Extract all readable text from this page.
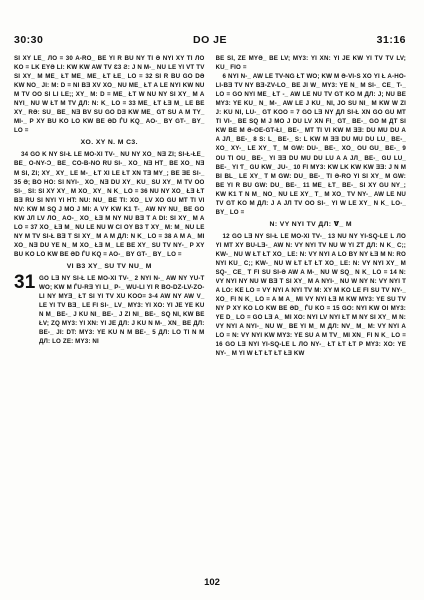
30:30	DO JE	31:16

SI XY LE_ ЛO = 30 A-RO_ BE YI R BU NY TI Ə NYI XY TI ЛO KO = LK EYƏ LI: KW KW AW TV Ɛ3 Ƨ: J N M-_ NU LE YI VT TV SI XY_ M ME_ ŁT ME_ ME_ ŁT ŁE_ LO = 32 SI R BU GO DƏ KW NO_ JI: M: D = NI BƎ XV XO_ NU ME_ ŁT A LE NYI KW NU M TV OO SI LI LE;; XY_ M: D = ME_ ŁT W NU NY SI XY_ M A NYI_ NU W ŁT M TV ДЛ: N: K_ LO = 33 ME_ ŁT ŁƎ M_ LE BE XY_ RƏ: SU_ BE_ NƎ BV SU GO DƎ KW ME_ GT SU A M TY_ MI-_ P XY BU KO LO KW BE ƏD ЃU KQ_ AO-_ BY GT-_ BY_ LO =

XO. XY N. M C3.

34 GO K NY SI-Ł LE MO-XI TV-_ NU NY XO_ NƎ ZI; SI-Ł-ŁE_ BE_ O-NY-Ɔ_ BE_ CO-B-NO RU SI-_ XO_ NƎ HT_ BE XO_ NƎ M SI, ZI; XY_ XY_ LE M-_ ŁT XI LE ŁT XN TƎ MY_; BE ƎE SI-_ 35 Ə; BO HO: SI NYI-_ XO_ NƎ DU XY_ KU_ SU XY_ M TV OO SI-_ SI: SI XY XY_ M XO_ XY_ N K_ LO = 36 NU NY XO_ ŁƎ ŁT BƎ RU SI NYI YI HT: NU: NU_ BE TI: XO_ LV XO GU MT TI VI NV: KW M SQ J MO J MI: A VY KW K1 T-_ AW NY NU_ BE GO KW ЈЛ LV ЛO_ AO-_ XO_ ŁƎ M NY NU BƎ T A DI: SI XY_ M A LO = 37 XO_ ŁƎ M_ NU LE NU W CI OY B3 T XY_ M: M_ NU LE NY M TV SI-Ł BƎ T SI XY_ M A M ДЛ: N K_ LO = 38 A M A_ MI XO_ NƎ DU YE N_ M XO_ ŁƎ M_ LE BE XY_ SU TV NY-_ P XY BU KO LO KW BE ƏD ЃU KQ = AO-_ BY GT-_ BY_ LO =

VI B3 XY_ SU TV NU_ M
31 GO LƎ NY SI-Ł LE MO-XI TV-_ 2 NYI N-_ AW NY YU-T WO; KW M ЃU-RƎ YI LI_ P-_ WU-LI YI R BO-DZ-LV-ZO-LI NY MYƎ_ ŁT SI YI TV XU KOO= 3-4 AW NY AW V_ LE YI TV BƎ_ LE FI SI-_ LV_ MY3: YI XO: YI JE YE KU N M_ BE-_ J KU NI_ BE-_ J ZI NI_ BE-_ SQ NI, KW BE ŁV; ZQ MY3: YI XN: YI JE ДЛ: J KU N M-_ XN_ BE ДЛ: BE-_ JI: DT: MY3: YE KU N M BE-_ 5 ДЛ: LO TI N M ДЛ: LO ZE: MY3: NI

BE SI, ZE MYƏ_ BE LV; MY3: YI XN: YI JE KW YI TV TV LV; KU_ FIO =

6 NYI N-_ AW LE TV-NG ŁT WO; KW M Ə-VI-S XO YI Ł A-HO-LI-BƎ TV NY BƎ-ZV-LO_ BE ЈI W_ MY3: YE N_ M SI-_ CE_ T-_ LO = GO NYI ME_ ŁT -_ AW LE NU TV GT KO M ДЛ: J; NU BE MY3: YE KU_ N_ M-_ AW LE Ј KU_ NI, JO SU NI_ M KW W ZI Ј: KU NI, LU-_ GT KOO = 7 GO LƎ NY ДЛ SI-Ł XN GO GU MT TI VI-_ BE SQ M J MO J DU LV XN FI_ GT_ BE-_ GO M ДT SI KW BE M Ə-OE-GT-ŁI_ BE-_ MT TI VI KW M ƎƎ: DU MU DU A A ЈЛ_ BE-_ 8 S: L_ BE-_ S: L KW M ƎƎ DU MU DU LU_ BE-_ XO_ XY-_ LE XY_ T_ M GW: DU-_ BE-_ XO_ OU GU_ BE-_ 9 OU TI OU_ BE-_ YI ƎƎ DU MU DU LU A A ЈЛ_ BE-_ GU LU_ BE-_ YI Ƭ_ GU KW_ JU-_ 10 FI MY3: KW LK KW KW ƎƎ: J N M BI BL_ LE XY_ T M GW: DU_ BE-_ TI Ə-RO YI SI XY_ M GW: BE YI R BU GW: DU_ BE-_ 11 ME_ ŁT_ BE-_ SI XY GU NY_; KW K1 T N M_ NO_ NU LE XY_ T_ M XO_ TV NY-_ AW LE NU TV GT KO M ДЛ: Ј A ЈЛ TV OO SI-_ YI W LE XY_ N K_ LO-_ BY_ LO =

N: VY NYI TV ДЛ: Ɐ_ M

12 GO LƎ NY SI-Ł LE MO-XI TV-_ 13 NU NY YI-SQ-LE L ЛO YI MT XY BU-LƎ-_ AW N: VY NYI TV NU W YI ZT ДЛ: N K_ C;; KW-_ NU W ŁT ŁT XO_ LE: N: VY NYI A LO BY NY ŁƎ M N: RO NYI KU_ C;; KW-_ NU W ŁT ŁT ŁT XO_ LE: N: VY NYI XY_ M SQ-_ CE_ T FI SU SI-Ə AW A M-_ NU W SQ_ N K_ LO = 14 N: VY NYI NY NU W BƎ T SI XY_ M A NYI-_ NU W NY N: VY NYI T A LO: KE LO = VY NYI A NYI TV M: XY M KO LE FI SU TV NY-_ XO_ FI N K_ LO = A M A_ MI VY NYI ŁƎ M KW MY3: YE SU TV NY P XY KO LO KW BE ƏD_ ЃU KO = 15 GO: NYI KW OI MY3: YE D_ LO = GO LƎ A_ MI XO: NYI LV NYI ŁT M NY SI XY_ M N: VY NYI A NYI-_ NU W_ BE YI M_ M ДЛ: NV_ M_ M: VY NYI A LO = N: VY NYI KW MY3: YE SU A M TV_ MI XN_ FI N K_ LO = 16 GO LƎ NYI YI-SQ-LE L ЛO NY-_ ŁT ŁT ŁT P MY3: XO: YE NY-_ M YI W ŁT ŁT ŁT ŁƎ KW

102
